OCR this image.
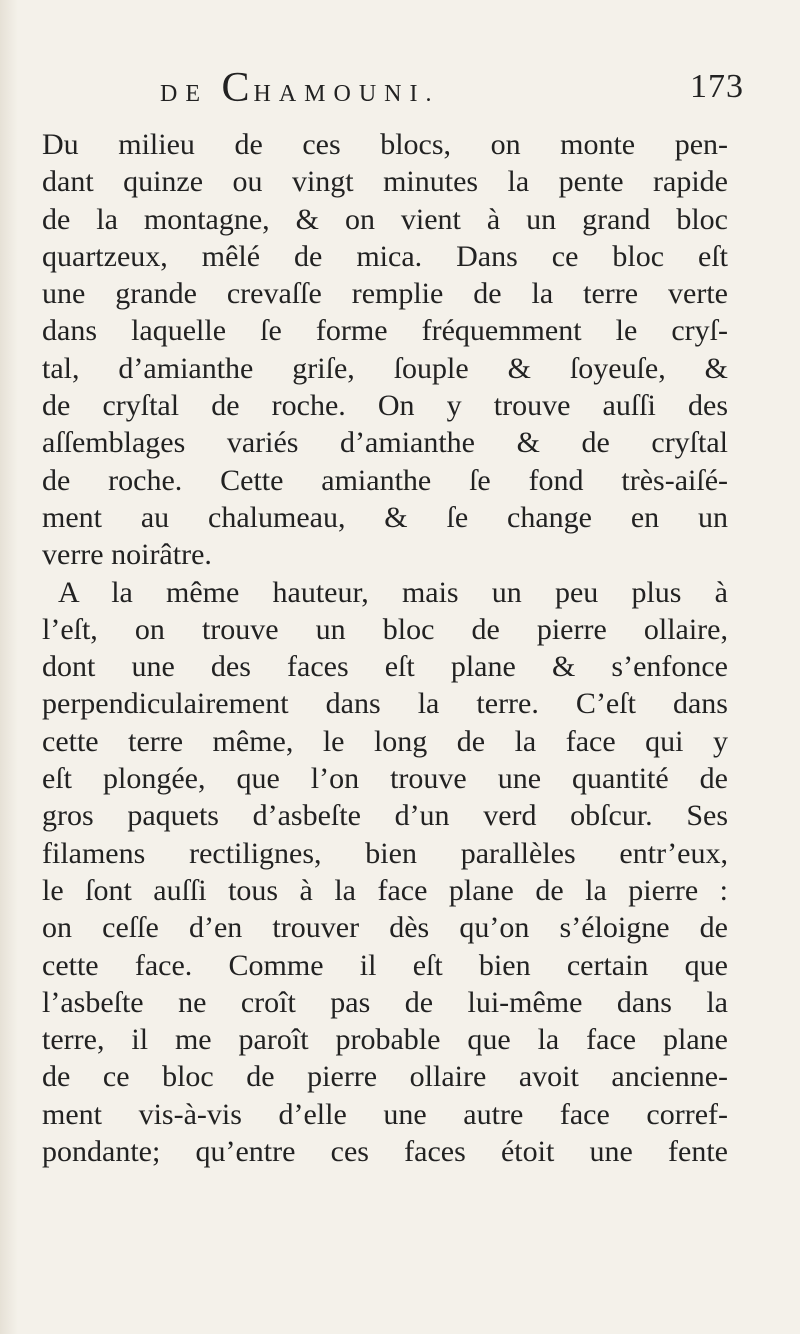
DE CHAMOUNI.	173
Du milieu de ces blocs, on monte pen-
dant quinze ou vingt minutes la pente rapide
de la montagne, & on vient à un grand bloc
quartzeux, mêlé de mica. Dans ce bloc eſt
une grande crevaſſe remplie de la terre verte
dans laquelle ſe forme fréquemment le cryſ-
tal, d’amianthe griſe, ſouple & ſoyeuſe, &
de cryſtal de roche. On y trouve auſſi des
aſſemblages variés d’amianthe & de cryſtal
de roche. Cette amianthe ſe fond très-aiſé-
ment au chalumeau, & ſe change en un
verre noirâtre.
A la même hauteur, mais un peu plus à
l’eſt, on trouve un bloc de pierre ollaire,
dont une des faces eſt plane & s’enfonce
perpendiculairement dans la terre. C’eſt dans
cette terre même, le long de la face qui y
eſt plongée, que l’on trouve une quantité de
gros paquets d’asbeſte d’un verd obſcur. Ses
filamens rectilignes, bien parallèles entr’eux,
le ſont auſſi tous à la face plane de la pierre :
on ceſſe d’en trouver dès qu’on s’éloigne de
cette face. Comme il eſt bien certain que
l’asbeſte ne croît pas de lui-même dans la
terre, il me paroît probable que la face plane
de ce bloc de pierre ollaire avoit ancienne-
ment vis-à-vis d’elle une autre face corref-
pondante; qu’entre ces faces étoit une fente
